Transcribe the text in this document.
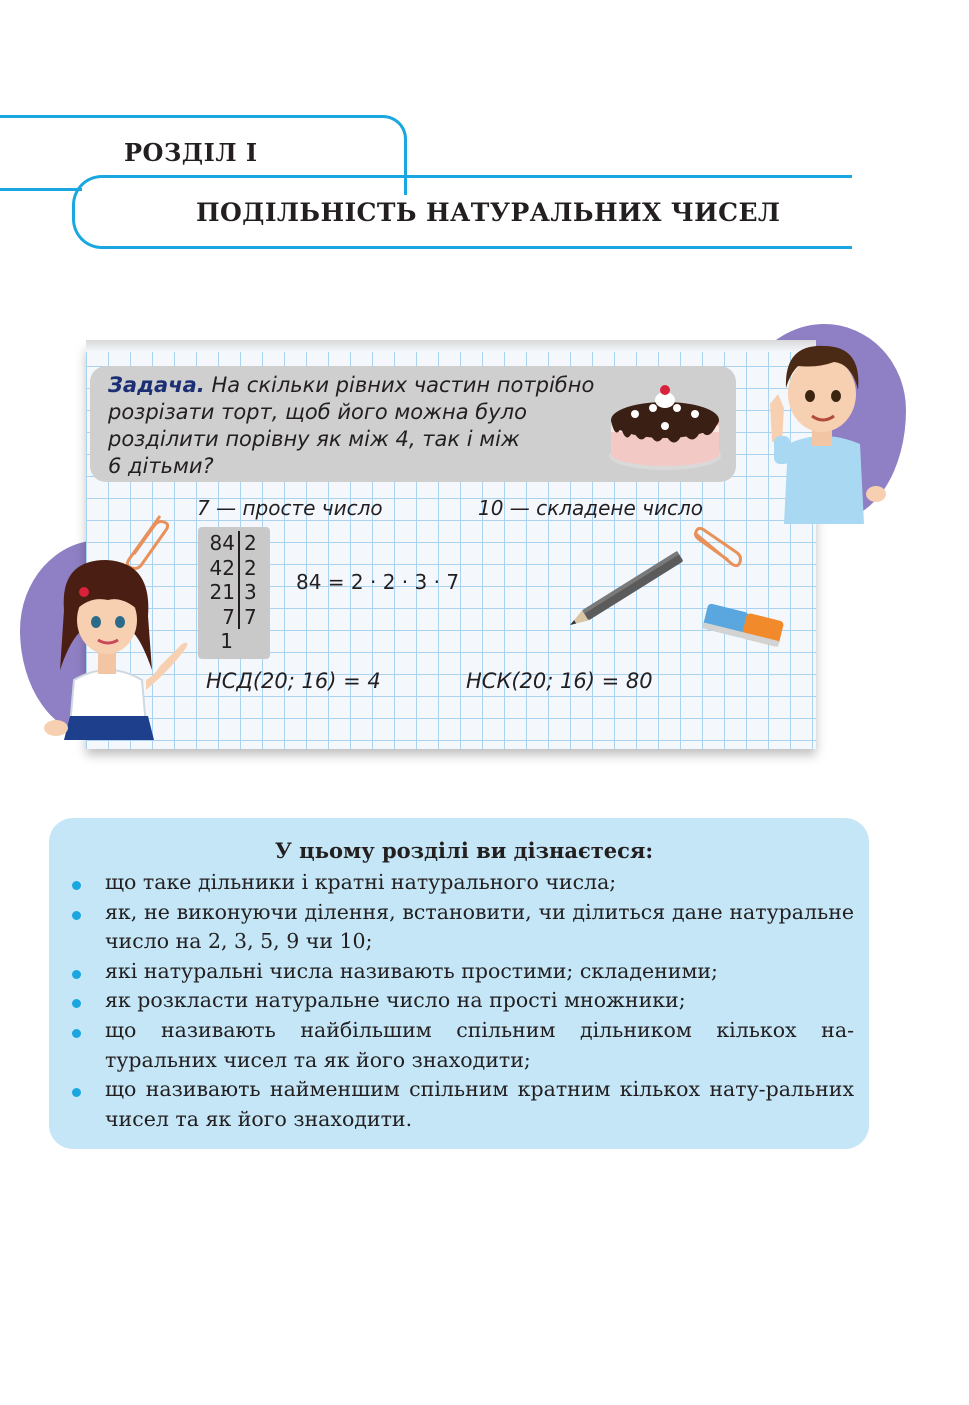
РОЗДІЛ І
ПОДІЛЬНІСТЬ НАТУРАЛЬНИХ ЧИСЕЛ
Задача. На скільки рівних частин потрібно
розрізати торт, щоб його можна було
розділити порівну як між 4, так і між
6 дітьми?
7 — просте число	10 — складене число
84 2
42 2
21 3
7 7
1
84 = 2 · 2 · 3 · 7
НСД(20; 16) = 4	НСК(20; 16) = 80
У цьому розділі ви дізнаєтеся:
що таке дільники і кратні натурального числа;
як, не виконуючи ділення, встановити, чи ділиться дане натуральне число на 2, 3, 5, 9 чи 10;
які натуральні числа називають простими; складеними;
як розкласти натуральне число на прості множники;
що називають найбільшим спільним дільником кількох на-туральних чисел та як його знаходити;
що називають найменшим спільним кратним кількох нату-ральних чисел та як його знаходити.
